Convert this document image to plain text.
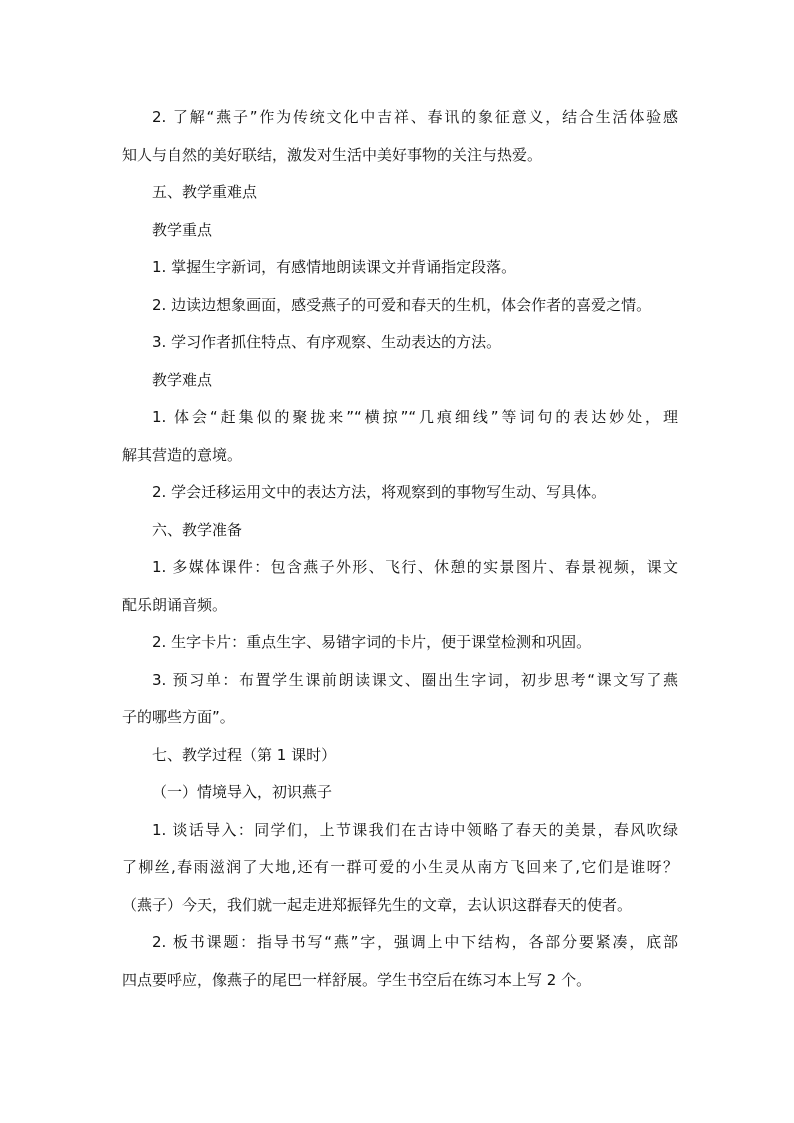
2. 了解“燕子”作为传统文化中吉祥、春讯的象征意义，结合生活体验感

知人与自然的美好联结，激发对生活中美好事物的关注与热爱。

五、教学重难点

教学重点

1. 掌握生字新词，有感情地朗读课文并背诵指定段落。

2. 边读边想象画面，感受燕子的可爱和春天的生机，体会作者的喜爱之情。

3. 学习作者抓住特点、有序观察、生动表达的方法。

教学难点

1. 体会“赶集似的聚拢来”“横掠”“几痕细线”等词句的表达妙处，理

解其营造的意境。

2. 学会迁移运用文中的表达方法，将观察到的事物写生动、写具体。

六、教学准备

1. 多媒体课件：包含燕子外形、飞行、休憩的实景图片、春景视频，课文

配乐朗诵音频。

2. 生字卡片：重点生字、易错字词的卡片，便于课堂检测和巩固。

3. 预习单：布置学生课前朗读课文、圈出生字词，初步思考“课文写了燕

子的哪些方面”。

七、教学过程（第 1 课时）

（一）情境导入，初识燕子

1. 谈话导入：同学们，上节课我们在古诗中领略了春天的美景，春风吹绿

了柳丝,春雨滋润了大地,还有一群可爱的小生灵从南方飞回来了,它们是谁呀？

（燕子）今天，我们就一起走进郑振铎先生的文章，去认识这群春天的使者。

2. 板书课题：指导书写“燕”字，强调上中下结构，各部分要紧凑，底部

四点要呼应，像燕子的尾巴一样舒展。学生书空后在练习本上写 2 个。
